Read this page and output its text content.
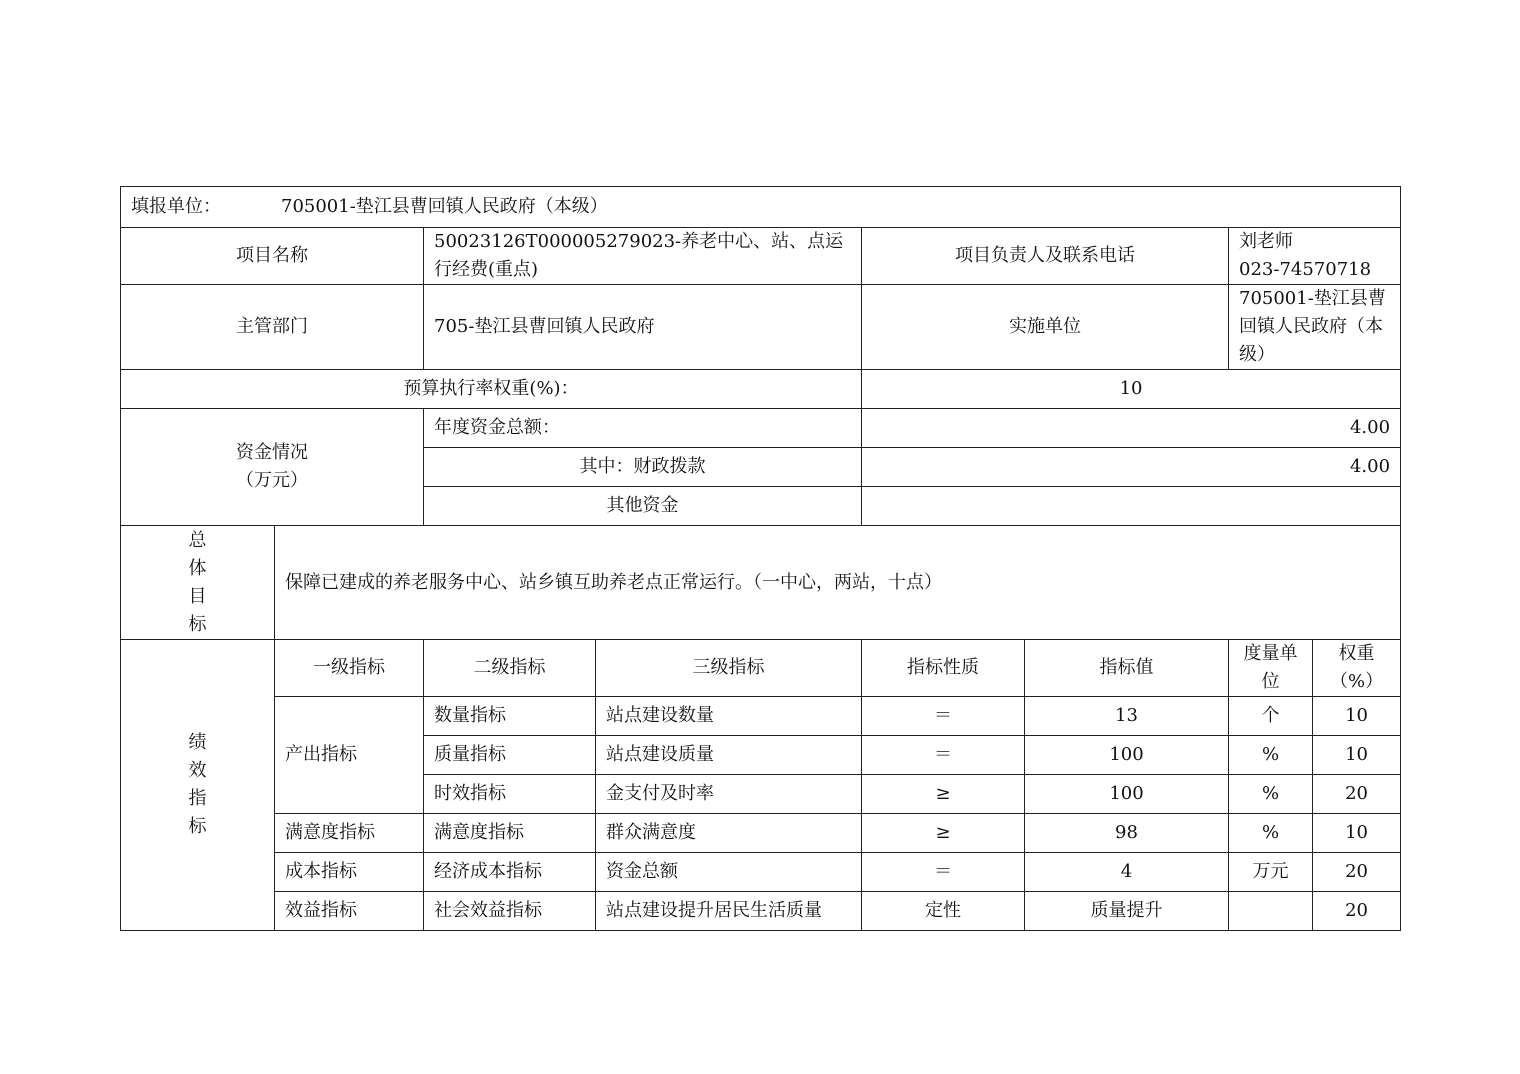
填报单位： 705001-垫江县曹回镇人民政府（本级）							
项目名称		50023126T000005279023-养老中心、站、点运行经费(重点)		项目负责人及联系电话		刘老师
023-74570718	

主管部门		705-垫江县曹回镇人民政府		实施单位		705001-垫江县曹回镇人民政府（本级）	
预算执行率权重(%)：				10			

资金情况
（万元）		年度资金总额：		4.00			
		其中：财政拨款		4.00			
		其他资金					
总体目标	保障已建成的养老服务中心、站乡镇互助养老点正常运行。（一中心，两站，十点）						
绩效指标	一级指标	二级指标	三级指标	指标性质	指标值	度量单位	权重（%）
	产出指标	数量指标	站点建设数量	＝	13	个	10
		质量指标	站点建设质量	＝	100	%	10
		时效指标	金支付及时率	≥	100	%	20
	满意度指标	满意度指标	群众满意度	≥	98	%	10
	成本指标	经济成本指标	资金总额	＝	4	万元	20
	效益指标	社会效益指标	站点建设提升居民生活质量	定性	质量提升		20
